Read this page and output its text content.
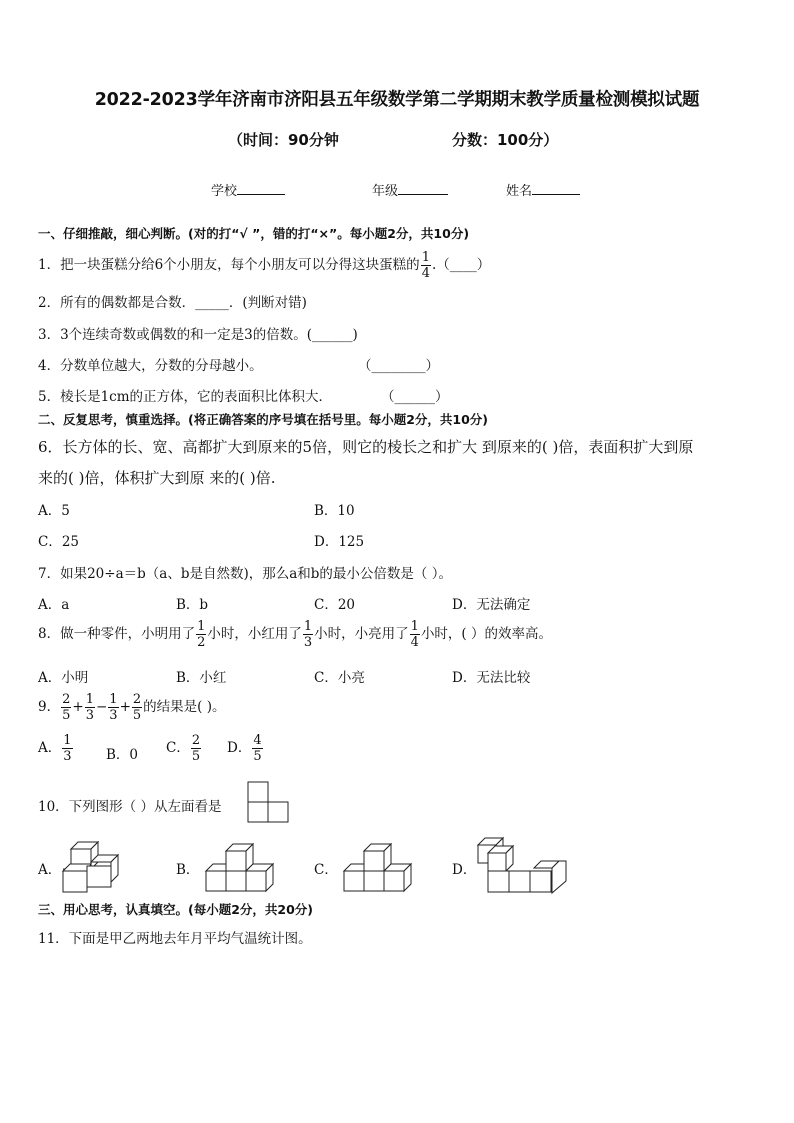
2022-2023学年济南市济阳县五年级数学第二学期期末教学质量检测模拟试题
（时间：90分钟	分数：100分）
学校	年级	姓名
一、仔细推敲，细心判断。(对的打“√ ”，错的打“×”。每小题2分，共10分)
1．把一块蛋糕分给6个小朋友，每个小朋友可以分得这块蛋糕的 $\frac{1}{4}$ .（____）
2．所有的偶数都是合数．_____．(判断对错)
3．3个连续奇数或偶数的和一定是3的倍数。(______)
4．分数单位越大，分数的分母越小。	（________）
5．棱长是1cm的正方体，它的表面积比体积大．	（______）
二、反复思考，慎重选择。(将正确答案的序号填在括号里。每小题2分，共10分)
6．长方体的长、宽、高都扩大到原来的5倍，则它的棱长之和扩大 到原来的( )倍，表面积扩大到原
来的( )倍，体积扩大到原 来的( )倍.
A．5	B．10
C．25	D．125
7．如果20÷a＝b（a、b是自然数)，那么a和b的最小公倍数是（ ）。
A．a	B．b	C．20	D．无法确定
8．做一种零件，小明用了 $\frac{1}{2}$ 小时，小红用了 $\frac{1}{3}$ 小时，小亮用了 $\frac{1}{4}$ 小时，( ）的效率高。
A．小明	B．小红	C．小亮	D．无法比较
9． $\frac{2}{5} + \frac{1}{3} - \frac{1}{3} + \frac{2}{5}$ 的结果是( )。
A． $\frac{1}{3}$ B．0 C． $\frac{2}{5}$ D． $\frac{4}{5}$
10．下列图形（ ）从左面看是
A．	B．	C．	D．
三、用心思考，认真填空。(每小题2分，共20分)
11．下面是甲乙两地去年月平均气温统计图。
